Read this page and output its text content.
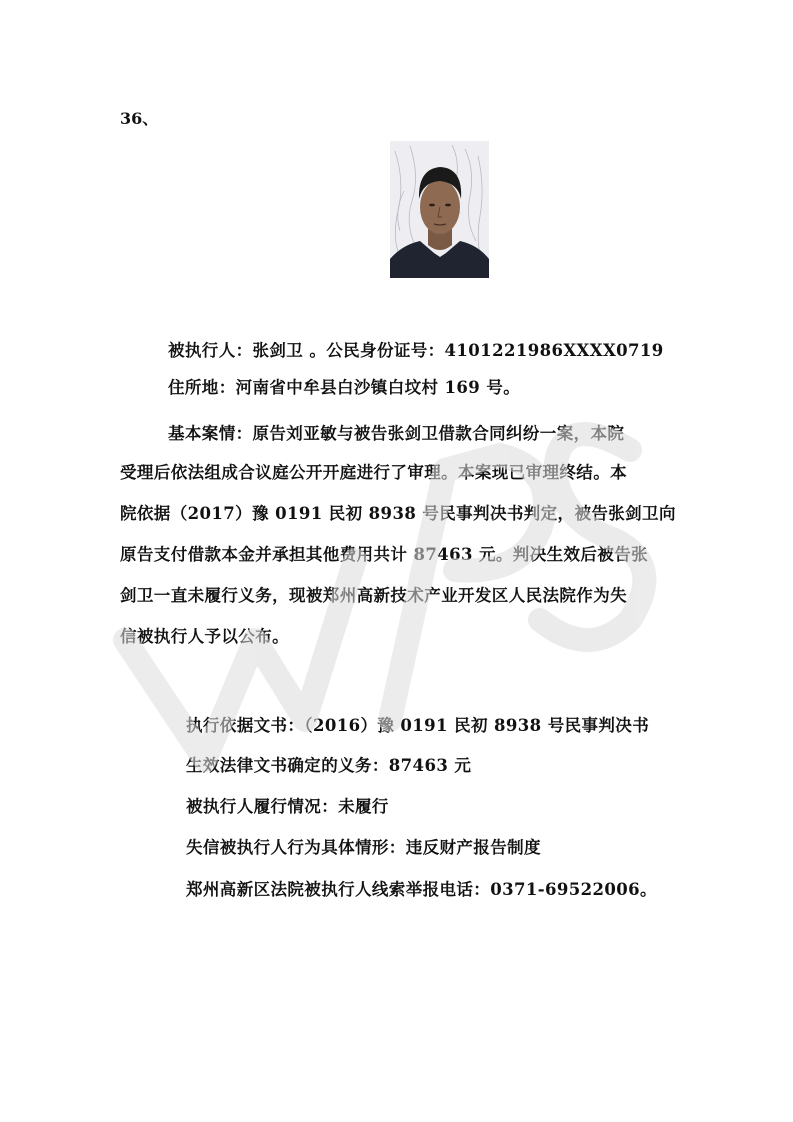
36、
被执行人：张剑卫 。公民身份证号：4101221986XXXX0719
住所地：河南省中牟县白沙镇白坟村 169 号。
基本案情：原告刘亚敏与被告张剑卫借款合同纠纷一案，本院
受理后依法组成合议庭公开开庭进行了审理。本案现已审理终结。本
院依据（2017）豫 0191 民初 8938 号民事判决书判定，被告张剑卫向
原告支付借款本金并承担其他费用共计 87463 元。判决生效后被告张
剑卫一直未履行义务，现被郑州高新技术产业开发区人民法院作为失
信被执行人予以公布。
执行依据文书：（2016）豫 0191 民初 8938 号民事判决书
生效法律文书确定的义务：87463 元
被执行人履行情况：未履行
失信被执行人行为具体情形：违反财产报告制度
郑州高新区法院被执行人线索举报电话：0371-69522006。
